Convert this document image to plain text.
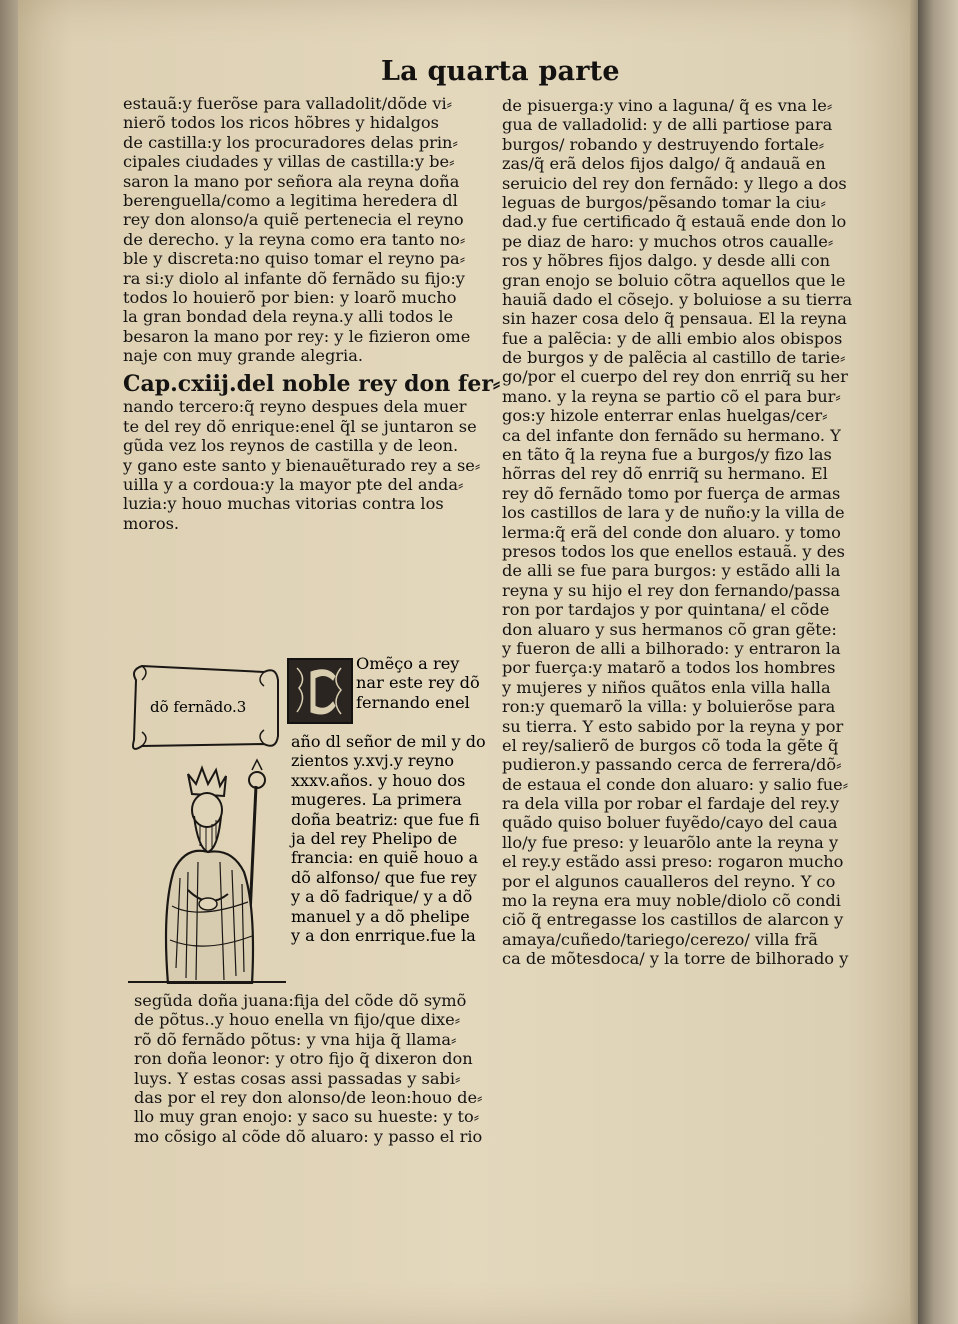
La quarta parte
estauã:y fuerõse para valladolit/dõde vi⸗
nierõ todos los ricos hõbres y hidalgos
de castilla:y los procuradores delas prin⸗
cipales ciudades y villas de castilla:y be⸗
saron la mano por señora ala reyna doña
berenguella/como a legitima heredera dl
rey don alonso/a quiẽ pertenecia el reyno
de derecho. y la reyna como era tanto no⸗
ble y discreta:no quiso tomar el reyno pa⸗
ra si:y diolo al infante dõ fernãdo su fijo:y
todos lo houierõ por bien: y loarõ mucho
la gran bondad dela reyna.y alli todos le
besaron la mano por rey: y le fizieron ome
naje con muy grande alegria.
Cap.cxiij.del noble rey don fer⸗
nando tercero:q̃ reyno despues dela muer
te del rey dõ enrique:enel q̃l se juntaron se
gũda vez los reynos de castilla y de leon.
y gano este santo y bienauẽturado rey a se⸗
uilla y a cordoua:y la mayor pte del anda⸗
luzia:y houo muchas vitorias contra los
moros.
dõ fernãdo.3
Omẽço a rey
nar este rey dõ
fernando enel
año dl señor de mil y do
zientos y.xvj.y reyno
xxxv.años. y houo dos
mugeres. La primera
doña beatriz: que fue fi
ja del rey Phelipo de
francia: en quiẽ houo a
dõ alfonso/ que fue rey
y a dõ fadrique/ y a dõ
manuel y a dõ phelipe
y a don enrrique.fue la
segũda doña juana:fija del cõde dõ symõ
de põtus..y houo enella vn fijo/que dixe⸗
rõ dõ fernãdo põtus: y vna hija q̃ llama⸗
ron doña leonor: y otro fijo q̃ dixeron don
luys. Y estas cosas assi passadas y sabi⸗
das por el rey don alonso/de leon:houo de⸗
llo muy gran enojo: y saco su hueste: y to⸗
mo cõsigo al cõde dõ aluaro: y passo el rio
de pisuerga:y vino a laguna/ q̃ es vna le⸗
gua de valladolid: y de alli partiose para
burgos/ robando y destruyendo fortale⸗
zas/q̃ erã delos fijos dalgo/ q̃ andauã en
seruicio del rey don fernãdo: y llego a dos
leguas de burgos/pẽsando tomar la ciu⸗
dad.y fue certificado q̃ estauã ende don lo
pe diaz de haro: y muchos otros caualle⸗
ros y hõbres fijos dalgo. y desde alli con
gran enojo se boluio cõtra aquellos que le
hauiã dado el cõsejo. y boluiose a su tierra
sin hazer cosa delo q̃ pensaua. El la reyna
fue a palẽcia: y de alli embio alos obispos
de burgos y de palẽcia al castillo de tarie⸗
go/por el cuerpo del rey don enrriq̃ su her
mano. y la reyna se partio cõ el para bur⸗
gos:y hizole enterrar enlas huelgas/cer⸗
ca del infante don fernãdo su hermano. Y
en tãto q̃ la reyna fue a burgos/y fizo las
hõrras del rey dõ enrriq̃ su hermano. El
rey dõ fernãdo tomo por fuerça de armas
los castillos de lara y de nuño:y la villa de
lerma:q̃ erã del conde don aluaro. y tomo
presos todos los que enellos estauã. y des
de alli se fue para burgos: y estãdo alli la
reyna y su hijo el rey don fernando/passa
ron por tardajos y por quintana/ el cõde
don aluaro y sus hermanos cõ gran gẽte:
y fueron de alli a bilhorado: y entraron la
por fuerça:y matarõ a todos los hombres
y mujeres y niños quãtos enla villa halla
ron:y quemarõ la villa: y boluierõse para
su tierra. Y esto sabido por la reyna y por
el rey/salierõ de burgos cõ toda la gẽte q̃
pudieron.y passando cerca de ferrera/dõ⸗
de estaua el conde don aluaro: y salio fue⸗
ra dela villa por robar el fardaje del rey.y
quãdo quiso boluer fuyẽdo/cayo del caua
llo/y fue preso: y leuarõlo ante la reyna y
el rey.y estãdo assi preso: rogaron mucho
por el algunos caualleros del reyno. Y co
mo la reyna era muy noble/diolo cõ condi
ciõ q̃ entregasse los castillos de alarcon y
amaya/cuñedo/tariego/cerezo/ villa frã
ca de mõtesdoca/ y la torre de bilhorado y
